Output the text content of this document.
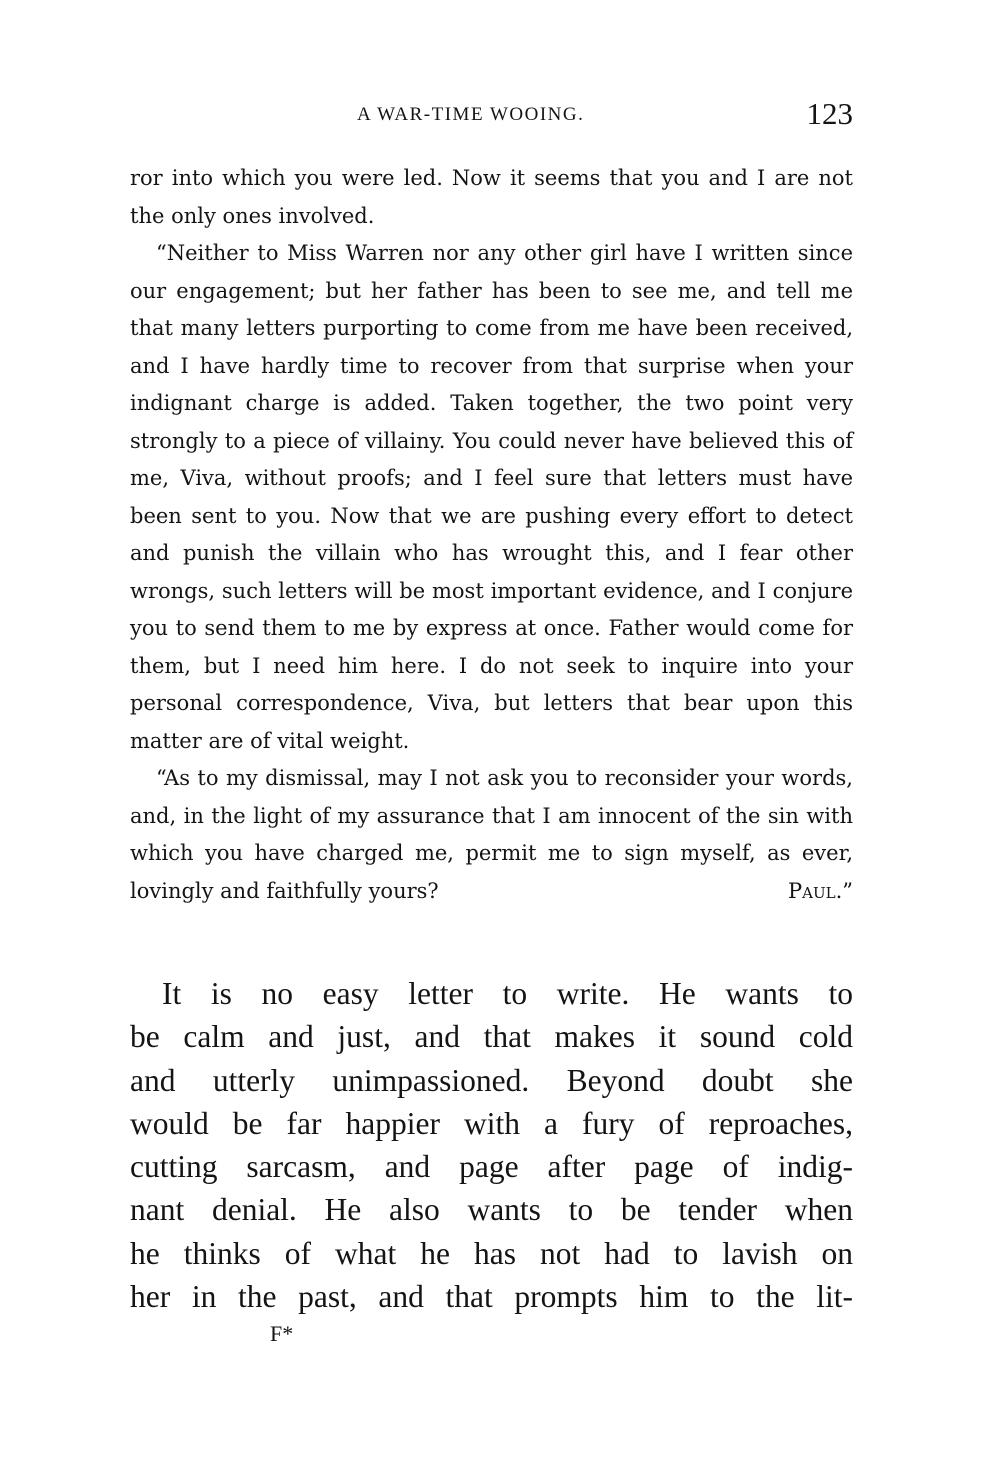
A WAR-TIME WOOING.	123

ror into which you were led. Now it seems that you and I are not the only ones involved.

“Neither to Miss Warren nor any other girl have I written since our engagement; but her father has been to see me, and tell me that many letters purporting to come from me have been received, and I have hardly time to recover from that surprise when your indignant charge is added. Taken together, the two point very strongly to a piece of villainy. You could never have believed this of me, Viva, without proofs; and I feel sure that letters must have been sent to you. Now that we are pushing every effort to detect and punish the villain who has wrought this, and I fear other wrongs, such letters will be most important evidence, and I conjure you to send them to me by express at once. Father would come for them, but I need him here. I do not seek to inquire into your personal correspondence, Viva, but letters that bear upon this matter are of vital weight.

“As to my dismissal, may I not ask you to reconsider your words, and, in the light of my assurance that I am innocent of the sin with which you have charged me, permit me to sign myself, as ever, lovingly and faithfully yours?	Paul.”

It is no easy letter to write. He wants to
be calm and just, and that makes it sound cold
and utterly unimpassioned. Beyond doubt she
would be far happier with a fury of reproaches,
cutting sarcasm, and page after page of indig-
nant denial. He also wants to be tender when
he thinks of what he has not had to lavish on
her in the past, and that prompts him to the lit-
F*
